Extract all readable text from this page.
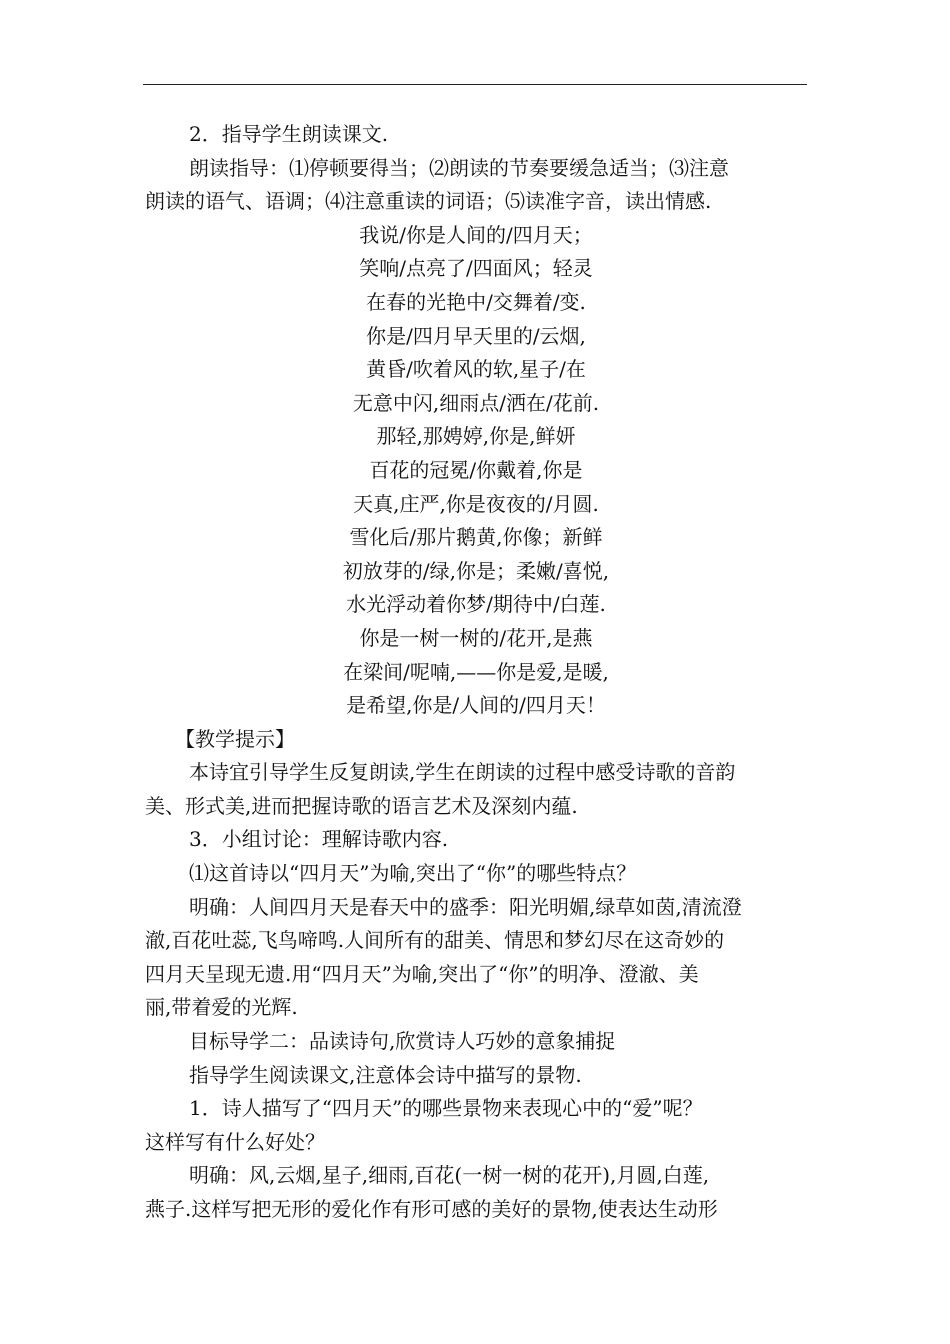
2．指导学生朗读课文.

朗读指导：⑴停顿要得当；⑵朗读的节奏要缓急适当；⑶注意

朗读的语气、语调；⑷注意重读的词语；⑸读准字音，读出情感.

我说/你是人间的/四月天；
笑响/点亮了/四面风；轻灵
在春的光艳中/交舞着/变.
你是/四月早天里的/云烟,
黄昏/吹着风的软,星子/在
无意中闪,细雨点/洒在/花前.
那轻,那娉婷,你是,鲜妍
百花的冠冕/你戴着,你是
天真,庄严,你是夜夜的/月圆.
雪化后/那片鹅黄,你像；新鲜
初放芽的/绿,你是；柔嫩/喜悦,
水光浮动着你梦/期待中/白莲.
你是一树一树的/花开,是燕
在梁间/呢喃,——你是爱,是暖,
是希望,你是/人间的/四月天！

【教学提示】

本诗宜引导学生反复朗读,学生在朗读的过程中感受诗歌的音韵

美、形式美,进而把握诗歌的语言艺术及深刻内蕴.

3．小组讨论：理解诗歌内容.

⑴这首诗以“四月天”为喻,突出了“你”的哪些特点？

明确：人间四月天是春天中的盛季：阳光明媚,绿草如茵,清流澄

澈,百花吐蕊,飞鸟啼鸣.人间所有的甜美、情思和梦幻尽在这奇妙的

四月天呈现无遗.用“四月天”为喻,突出了“你”的明净、澄澈、美

丽,带着爱的光辉.

目标导学二：品读诗句,欣赏诗人巧妙的意象捕捉

指导学生阅读课文,注意体会诗中描写的景物.

1．诗人描写了“四月天”的哪些景物来表现心中的“爱”呢？

这样写有什么好处？

明确：风,云烟,星子,细雨,百花(一树一树的花开),月圆,白莲,

燕子.这样写把无形的爱化作有形可感的美好的景物,使表达生动形
